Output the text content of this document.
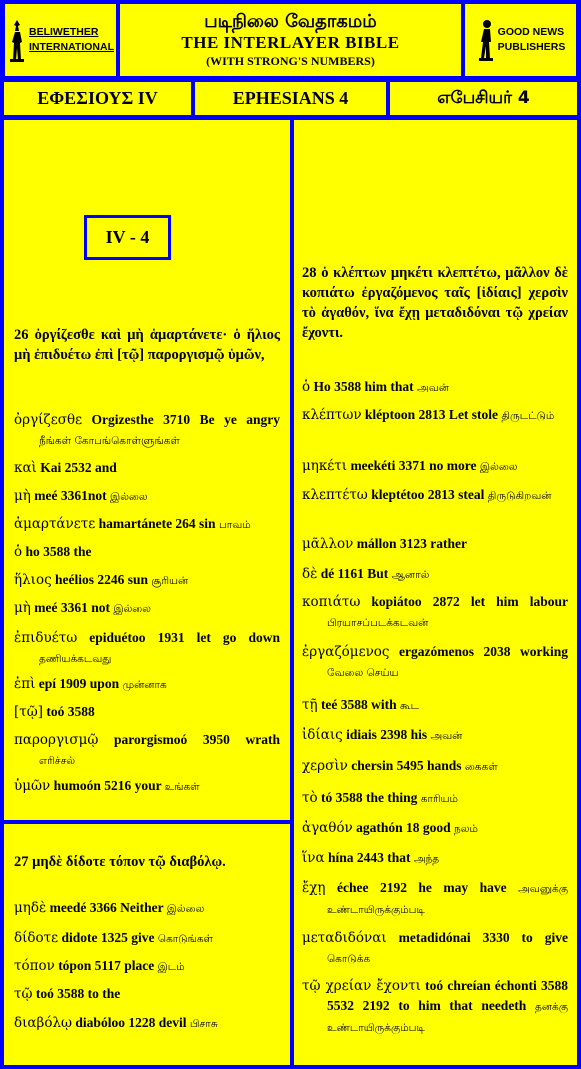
BELIWETHER
INTERNATIONAL
படிநிலை வேதாகமம்
THE INTERLAYER BIBLE
(WITH STRONG'S NUMBERS)
GOOD NEWS
PUBLISHERS
ΕΦΕΣΙΟΥΣ IV	EPHESIANS 4	எபேசியர் 4
IV - 4
26 ὀργίζεσθε καὶ μὴ ἁμαρτάνετε· ὁ ἥλιος μὴ ἐπιδυέτω ἐπὶ [τῷ] παροργισμῷ ὑμῶν,
ὀργίζεσθε Orgizesthe 3710 Be ye angry நீங்கள் கோபங்கொள்ளுங்கள்
καὶ Kai 2532 and
μὴ meé 3361not இல்லை
ἁμαρτάνετε hamartánete 264 sin பாவம்
ὁ ho 3588 the
ἥλιος heélios 2246 sun சூரியன்
μὴ meé 3361 not இல்லை
ἐπιδυέτω epiduétoo 1931 let go down தணியக்கடவது
ἐπὶ epí 1909 upon முன்னாக
[τῷ] toó 3588
παροργισμῷ parorgismoó 3950 wrath எரிச்சல்
ὑμῶν humoón 5216 your உங்கள்
27 μηδὲ δίδοτε τόπον τῷ διαβόλῳ.
μηδὲ meedé 3366 Neither இல்லை
δίδοτε didote 1325 give கொடுங்கள்
τόπον tópon 5117 place இடம்
τῷ toó 3588 to the
διαβόλῳ diabóloo 1228 devil பிசாசு
28 ὁ κλέπτων μηκέτι κλεπτέτω, μᾶλλον δὲ κοπιάτω ἐργαζόμενος ταῖς [ἰδίαις] χερσὶν τὸ ἀγαθόν, ἵνα ἔχῃ μεταδιδόναι τῷ χρείαν ἔχοντι.
ὁ Ho 3588 him that அவன்
κλέπτων kléptoon 2813 Let stole திருடட்டும்
μηκέτι meekéti 3371 no more இல்லை
κλεπτέτω kleptétoo 2813 steal திருடுகிறவன்
μᾶλλον mállon 3123 rather
δὲ dé 1161 But ஆனால்
κοπιάτω kopiátoo 2872 let him labour பிரயாசப்படக்கடவன்
ἐργαζόμενος ergazómenos 2038 working வேலை செய்ய
τῇ teé 3588 with கூட
ἰδίαις idiais 2398 his அவன்
χερσὶν chersin 5495 hands கைகள்
τὸ tó 3588 the thing காரியம்
ἀγαθόν agathón 18 good நலம்
ἵνα hína 2443 that அந்த
ἔχῃ échee 2192 he may have அவனுக்கு உண்டாயிருக்கும்படி
μεταδιδόναι metadidónai 3330 to give கொடுக்க
τῷ χρείαν ἔχοντι toó chreían échonti 3588 5532 2192 to him that needeth தனக்கு உண்டாயிருக்கும்படி
